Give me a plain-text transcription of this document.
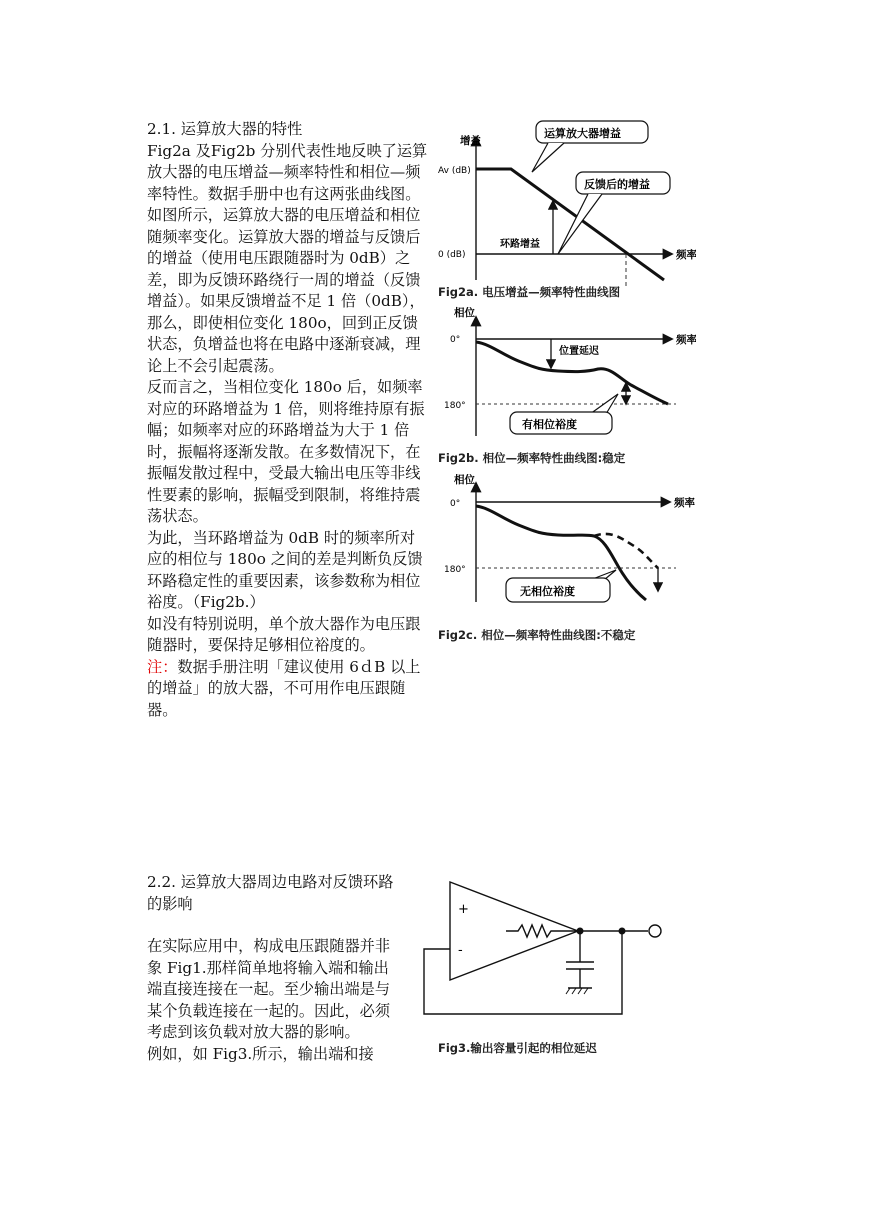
2.1. 运算放大器的特性

Fig2a 及Fig2b 分别代表性地反映了运算放大器的电压增益—频率特性和相位—频率特性。数据手册中也有这两张曲线图。

如图所示，运算放大器的电压增益和相位随频率变化。运算放大器的增益与反馈后的增益（使用电压跟随器时为 0dB）之差，即为反馈环路绕行一周的增益（反馈增益）。如果反馈增益不足 1 倍（0dB），那么，即使相位变化 180o，回到正反馈状态，负增益也将在电路中逐渐衰减，理论上不会引起震荡。

反而言之，当相位变化 180o 后，如频率对应的环路增益为 1 倍，则将维持原有振幅；如频率对应的环路增益为大于 1 倍时，振幅将逐渐发散。在多数情况下，在振幅发散过程中，受最大输出电压等非线性要素的影响，振幅受到限制，将维持震荡状态。

为此，当环路增益为 0dB 时的频率所对应的相位与 180o 之间的差是判断负反馈环路稳定性的重要因素，该参数称为相位裕度。（Fig2b.）

如没有特别说明，单个放大器作为电压跟随器时，要保持足够相位裕度的。

注：数据手册注明「建议使用 6ｄB 以上的增益」的放大器，不可用作电压跟随器。

2.2. 运算放大器周边电路对反馈环路的影响

在实际应用中，构成电压跟随器并非象 Fig1.那样简单地将输入端和输出端直接连接在一起。至少输出端是与某个负载连接在一起的。因此，必须考虑到该负载对放大器的影响。

例如，如 Fig3.所示，输出端和接

增益
频率
Av (dB)
0 (dB)
环路增益
运算放大器增益
反馈后的增益
Fig2a. 电压增益—频率特性曲线图
相位
频率
0°
180°
位置延迟
有相位裕度
Fig2b. 相位—频率特性曲线图:稳定
相位
频率
0°
180°
无相位裕度
Fig2c. 相位—频率特性曲线图:不稳定
+
-
Fig3.输出容量引起的相位延迟
